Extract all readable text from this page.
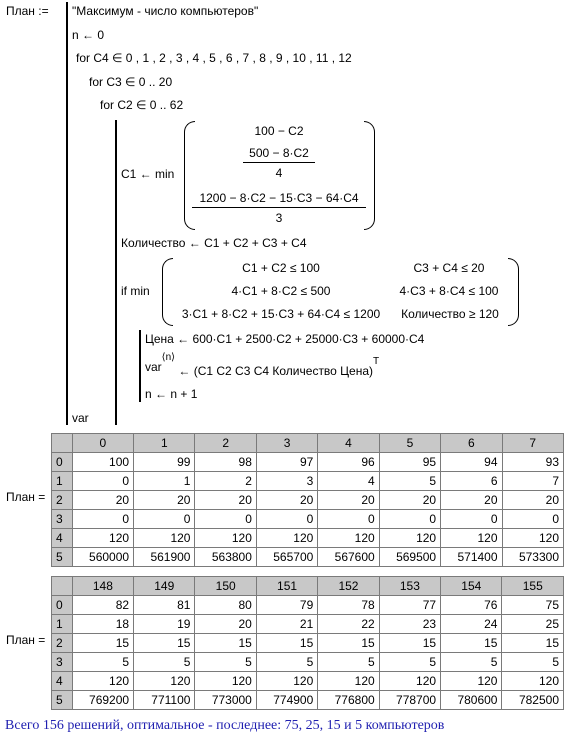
План := "Максимум - число компьютеров"
n ← 0
for C4 ∈ 0 , 1 , 2 , 3 , 4 , 5 , 6 , 7 , 8 , 9 , 10 , 11 , 12
for C3 ∈ 0 .. 20
for C2 ∈ 0 .. 62
C1 ← min
100 − C2
500 − 8·C2
4
1200 − 8·C2 − 15·C3 − 64·C4
3
Количество ← C1 + C2 + C3 + C4
if min
C1 + C2 ≤ 100	C3 + C4 ≤ 20
4·C1 + 8·C2 ≤ 500	4·C3 + 8·C4 ≤ 100
3·C1 + 8·C2 + 15·C3 + 64·C4 ≤ 1200	Количество ≥ 120
Цена ← 600·C1 + 2500·C2 + 25000·C3 + 60000·C4
var$^{⟨n⟩}$ ← (C1 C2 C3 C4 Количество Цена)$^T$
n ← n + 1
var
План =
	0	1	2	3	4	5	6	7
0	100	99	98	97	96	95	94	93
1	0	1	2	3	4	5	6	7
2	20	20	20	20	20	20	20	20
3	0	0	0	0	0	0	0	0
4	120	120	120	120	120	120	120	120
5	560000	561900	563800	565700	567600	569500	571400	573300
План =
	148	149	150	151	152	153	154	155
0	82	81	80	79	78	77	76	75
1	18	19	20	21	22	23	24	25
2	15	15	15	15	15	15	15	15
3	5	5	5	5	5	5	5	5
4	120	120	120	120	120	120	120	120
5	769200	771100	773000	774900	776800	778700	780600	782500
Всего 156 решений, оптимальное - последнее: 75, 25, 15 и 5 компьютеров
